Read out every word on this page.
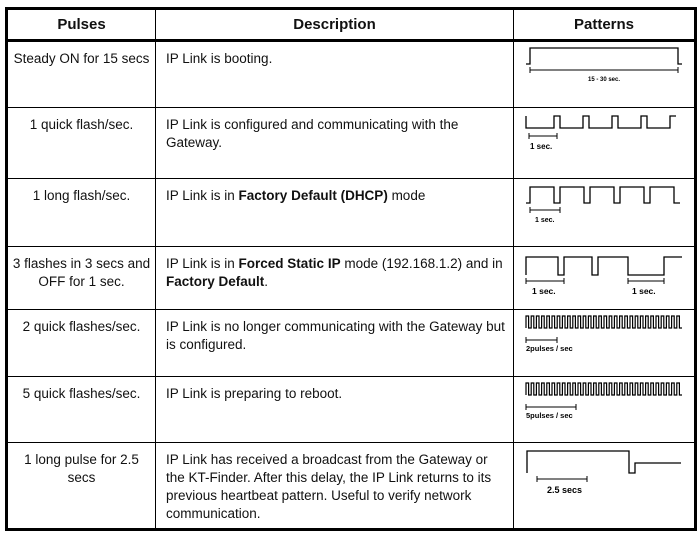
Pulses	Description	Patterns
Steady ON for 15 secs	IP Link is booting.	15 - 30 sec.

1 quick flash/sec.	IP Link is configured and communicating with the Gateway.	1 sec.

1 long flash/sec.	IP Link is in Factory Default (DHCP) mode	1 sec.

3 flashes in 3 secs and OFF for 1 sec.	IP Link is in Forced Static IP mode (192.168.1.2) and in Factory Default.	1 sec. 1 sec.

2 quick flashes/sec.	IP Link is no longer communicating with the Gateway but is configured.	2pulses / sec

5 quick flashes/sec.	IP Link is preparing to reboot.	5pulses / sec

1 long pulse for 2.5 secs	IP Link has received a broadcast from the Gateway or the KT-Finder. After this delay, the IP Link returns to its previous heartbeat pattern. Useful to verify network communication.	2.5 secs
